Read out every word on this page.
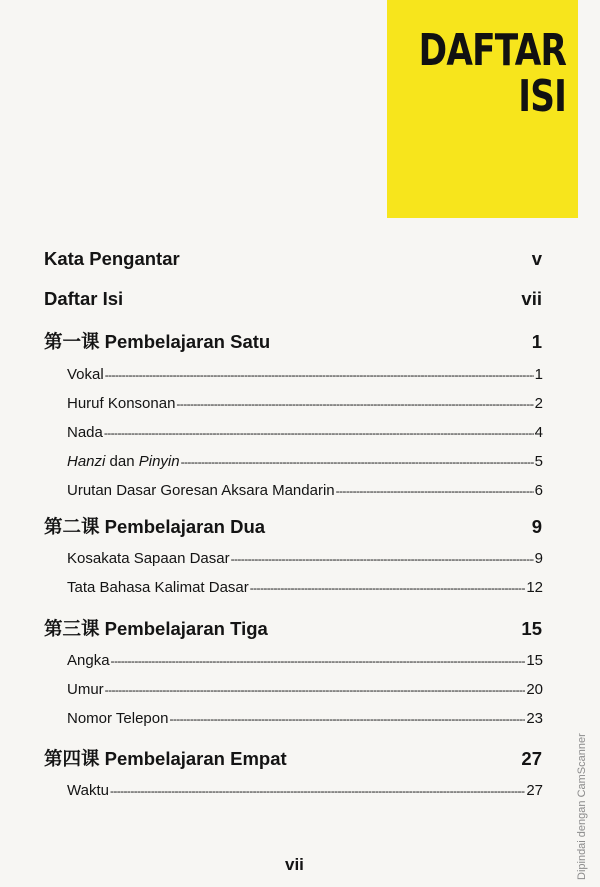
DAFTAR
ISI
Kata Pengantar	v
Daftar Isi	vii
第一课 Pembelajaran Satu	1
Vokal -----	1
Huruf Konsonan -----	2
Nada -----	4
Hanzi dan Pinyin -----	5
Urutan Dasar Goresan Aksara Mandarin -----	6
第二课 Pembelajaran Dua	9
Kosakata Sapaan Dasar -----	9
Tata Bahasa Kalimat Dasar -----	12
第三课 Pembelajaran Tiga	15
Angka -----	15
Umur -----	20
Nomor Telepon -----	23
第四课 Pembelajaran Empat	27
Waktu -----	27
vii	Dipindai dengan CamScanner
